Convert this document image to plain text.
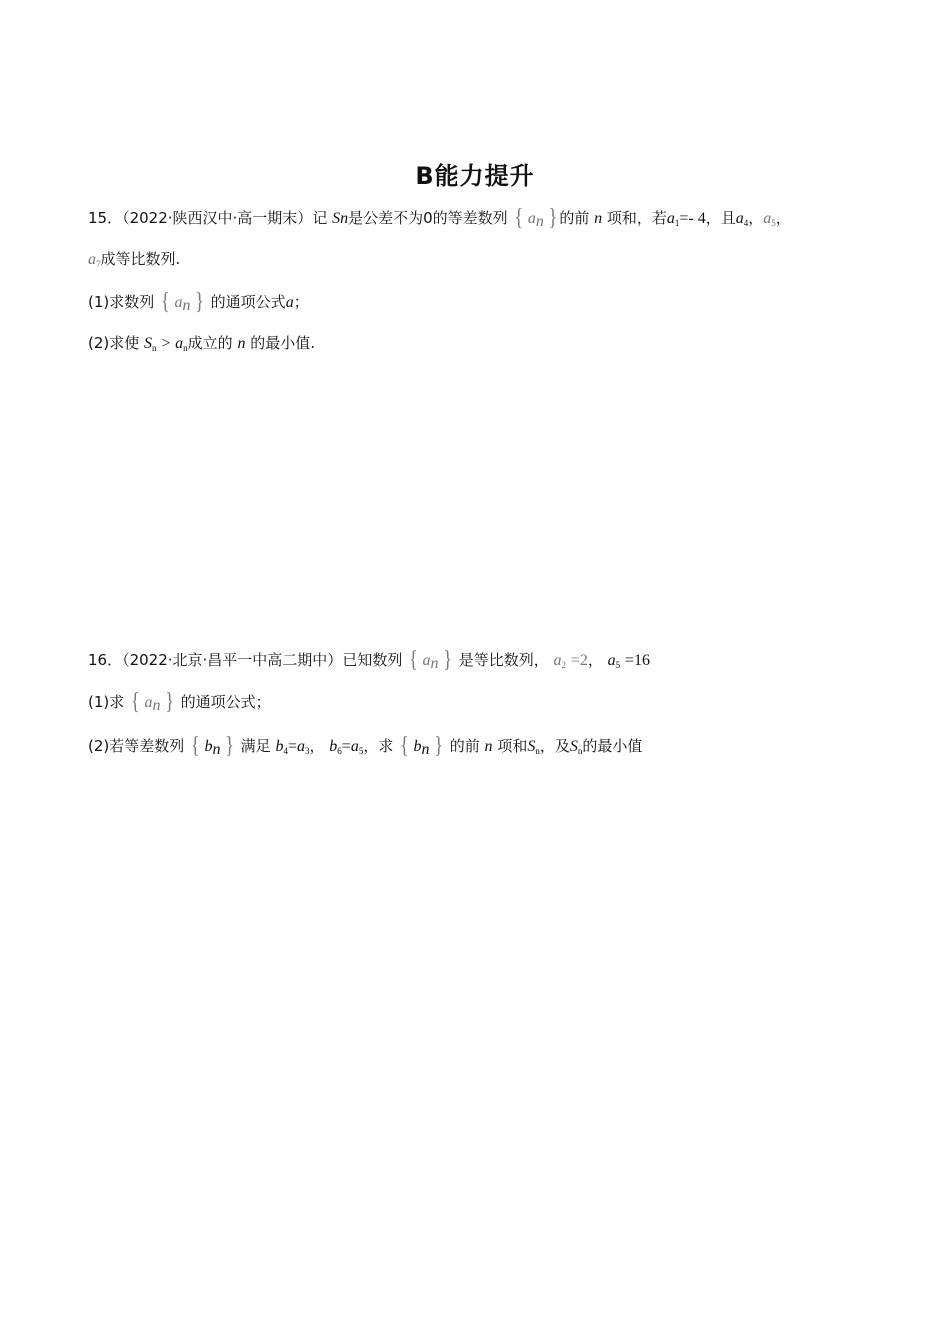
B能力提升
15．（2022·陕西汉中·高一期末）记 Sn是公差不为0的等差数列 { $a_n$ } 的前 n 项和，若$a_1=-$ 4，且$a_4$，$a_5$，
$a_7$成等比数列.
(1)求数列 { $a_n$ } 的通项公式a；
(2)求使 $S_n > a_n$成立的 n 的最小值.
16．（2022·北京·昌平一中高二期中）已知数列 { $a_n$ } 是等比数列， $a_2 =2$， $a_5 =16$
(1)求 { $a_n$ } 的通项公式；
(2)若等差数列 { $b_n$ } 满足 $b_4=a_3$， $b_6=a_5$，求 { $b_n$ } 的前 n 项和$S_n$，及$S_n$的最小值
